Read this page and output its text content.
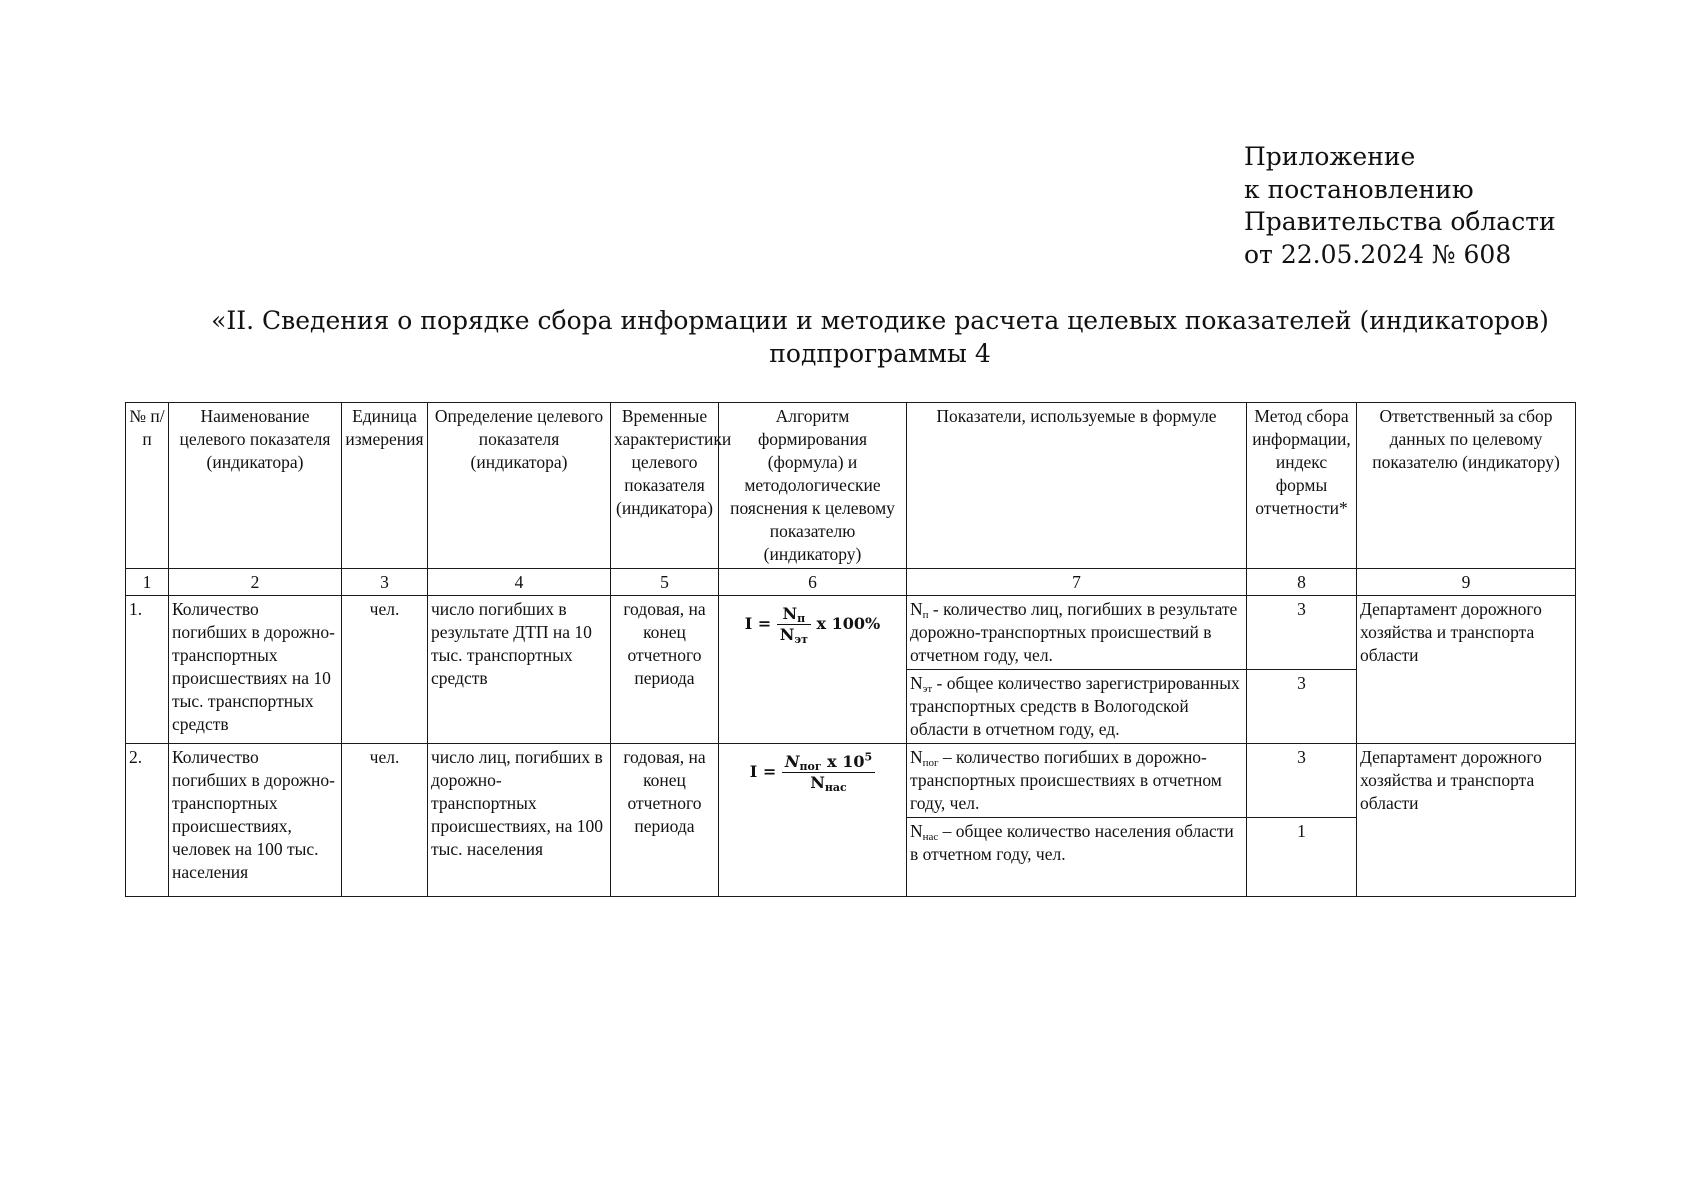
Приложение
к постановлению
Правительства области
от 22.05.2024 № 608
«II. Сведения о порядке сбора информации и методике расчета целевых показателей (индикаторов)
подпрограммы 4
№ п/п	Наименование целевого показателя (индикатора)	Единица измерения	Определение целевого показателя (индикатора)	Временные характеристики целевого показателя (индикатора)	Алгоритм формирования (формула) и методологические пояснения к целевому показателю (индикатору)	Показатели, используемые в формуле	Метод сбора информации, индекс формы отчетности*	Ответственный за сбор данных по целевому показателю (индикатору)
1	2	3	4	5	6	7	8	9
1.	Количество погибших в дорожно-транспортных происшествиях на 10 тыс. транспортных средств	чел.	число погибших в результате ДТП на 10 тыс. транспортных средств	годовая, на конец отчетного периода	$I = \frac{N_п}{N_{эт}}$ x 100%	$N_п$ - количество лиц, погибших в результате дорожно-транспортных происшествий в отчетном году, чел.	3	Департамент дорожного хозяйства и транспорта области
						$N_{эт}$ - общее количество зарегистрированных транспортных средств в Вологодской области в отчетном году, ед.	3	
2.	Количество погибших в дорожно-транспортных происшествиях, человек на 100 тыс. населения	чел.	число лиц, погибших в дорожно-транспортных происшествиях, на 100 тыс. населения	годовая, на конец отчетного периода	$I = \frac{N_{пог} x 10^5}{N_{нас}}$	$N_{пог}$ – количество погибших в дорожно-транспортных происшествиях в отчетном году, чел.	3	Департамент дорожного хозяйства и транспорта области
						$N_{нас}$ – общее количество населения области в отчетном году, чел.	1	
